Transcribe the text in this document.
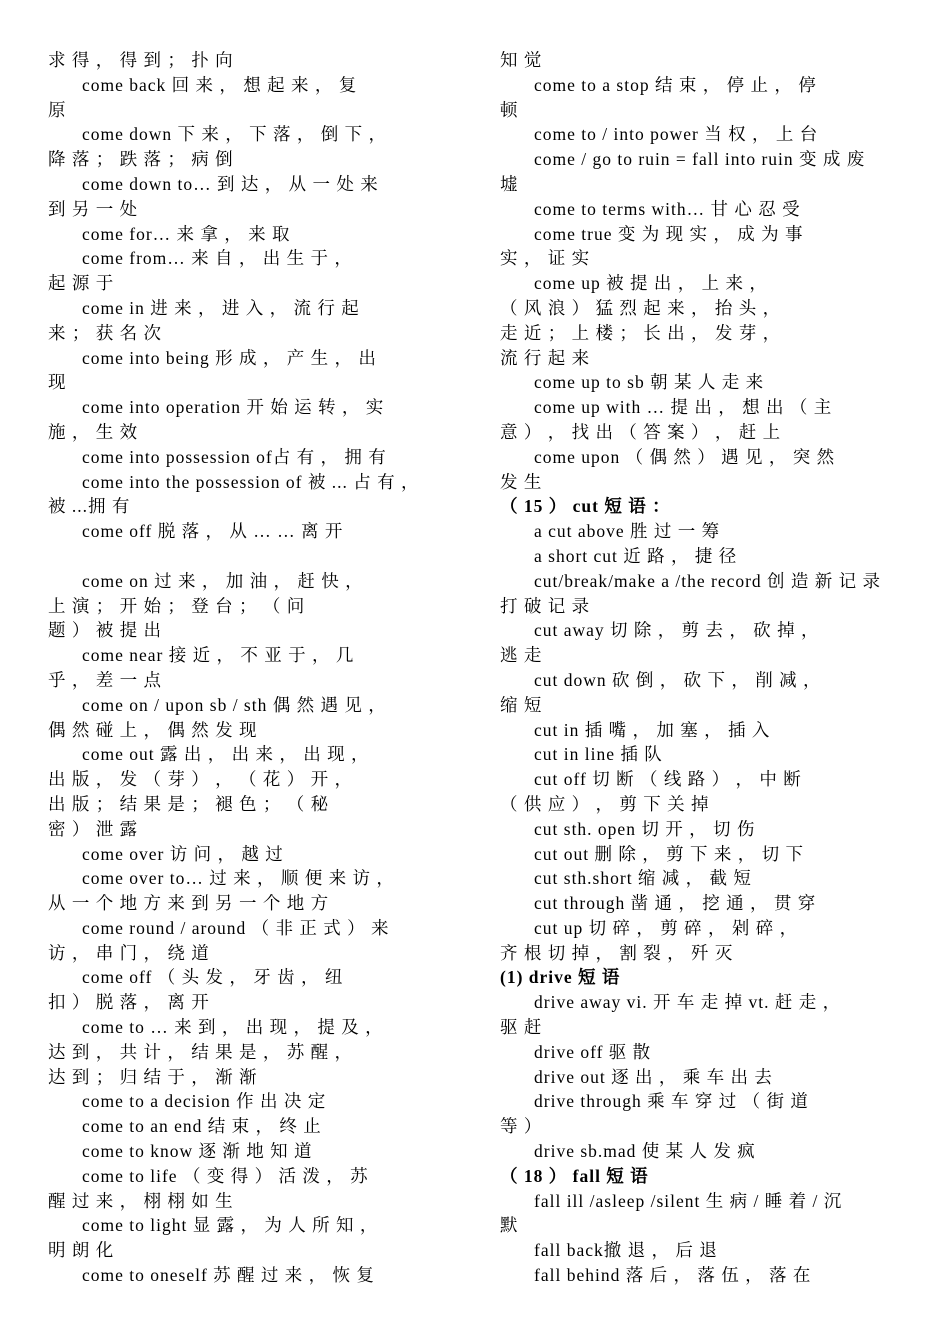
求 得 ， 得 到 ； 扑 向
come back 回 来 ， 想 起 来 ， 复
原
come down 下 来 ， 下 落 ， 倒 下 ，
降 落 ； 跌 落 ； 病 倒
come down to… 到 达 ， 从 一 处 来
到 另 一 处
come for… 来 拿 ， 来 取
come from… 来 自 ， 出 生 于 ，
起 源 于
come in 进 来 ， 进 入 ， 流 行 起
来 ； 获 名 次
come into being 形 成 ， 产 生 ， 出
现
come into operation 开 始 运 转 ， 实
施 ， 生 效
come into possession of占 有 ， 拥 有
come into the possession of 被 ... 占 有 ，
被 ...拥 有
come off 脱 落 ， 从 … … 离 开
come on 过 来 ， 加 油 ， 赶 快 ，
上 演 ； 开 始 ； 登 台 ； （ 问
题 ） 被 提 出
come near 接 近 ， 不 亚 于 ， 几
乎 ， 差 一 点
come on / upon sb / sth 偶 然 遇 见 ，
偶 然 碰 上 ， 偶 然 发 现
come out 露 出 ， 出 来 ， 出 现 ，
出 版 ， 发 （ 芽 ） ， （ 花 ） 开 ，
出 版 ； 结 果 是 ； 褪 色 ； （ 秘
密 ） 泄 露
come over 访 问 ， 越 过
come over to… 过 来 ， 顺 便 来 访 ，
从 一 个 地 方 来 到 另 一 个 地 方
come round / around （ 非 正 式 ） 来
访 ， 串 门 ， 绕 道
come off （ 头 发 ， 牙 齿 ， 纽
扣 ） 脱 落 ， 离 开
come to … 来 到 ， 出 现 ， 提 及 ，
达 到 ， 共 计 ， 结 果 是 ， 苏 醒 ，
达 到 ； 归 结 于 ， 渐 渐
come to a decision 作 出 决 定
come to an end 结 束 ， 终 止
come to know 逐 渐 地 知 道
come to life （ 变 得 ） 活 泼 ， 苏
醒 过 来 ， 栩 栩 如 生
come to light 显 露 ， 为 人 所 知 ，
明 朗 化
come to oneself 苏 醒 过 来 ， 恢 复
知 觉
come to a stop 结 束 ， 停 止 ， 停
顿
come to / into power 当 权 ， 上 台
come / go to ruin = fall into ruin 变 成 废
墟
come to terms with… 甘 心 忍 受
come true 变 为 现 实 ， 成 为 事
实 ， 证 实
come up 被 提 出 ， 上 来 ，
（ 风 浪 ） 猛 烈 起 来 ， 抬 头 ，
走 近 ； 上 楼 ； 长 出 ， 发 芽 ，
流 行 起 来
come up to sb 朝 某 人 走 来
come up with … 提 出 ， 想 出 （ 主
意 ） ， 找 出 （ 答 案 ） ， 赶 上
come upon （ 偶 然 ） 遇 见 ， 突 然
发 生
（ 15 ） cut 短 语 ：
a cut above 胜 过 一 筹
a short cut 近 路 ， 捷 径
cut/break/make a /the record 创 造 新 记 录
打 破 记 录
cut away 切 除 ， 剪 去 ， 砍 掉 ，
逃 走
cut down 砍 倒 ， 砍 下 ， 削 减 ，
缩 短
cut in 插 嘴 ， 加 塞 ， 插 入
cut in line 插 队
cut off 切 断 （ 线 路 ） ， 中 断
（ 供 应 ） ， 剪 下 关 掉
cut sth. open 切 开 ， 切 伤
cut out 删 除 ， 剪 下 来 ， 切 下
cut sth.short 缩 减 ， 截 短
cut through 凿 通 ， 挖 通 ， 贯 穿
cut up 切 碎 ， 剪 碎 ， 剁 碎 ，
齐 根 切 掉 ， 割 裂 ， 歼 灭
(1) drive 短 语
drive away vi. 开 车 走 掉 vt. 赶 走 ，
驱 赶
drive off 驱 散
drive out 逐 出 ， 乘 车 出 去
drive through 乘 车 穿 过 （ 街 道
等 ）
drive sb.mad 使 某 人 发 疯
（ 18 ） fall 短 语
fall ill /asleep /silent 生 病 / 睡 着 / 沉
默
fall back撤 退 ， 后 退
fall behind 落 后 ， 落 伍 ， 落 在
